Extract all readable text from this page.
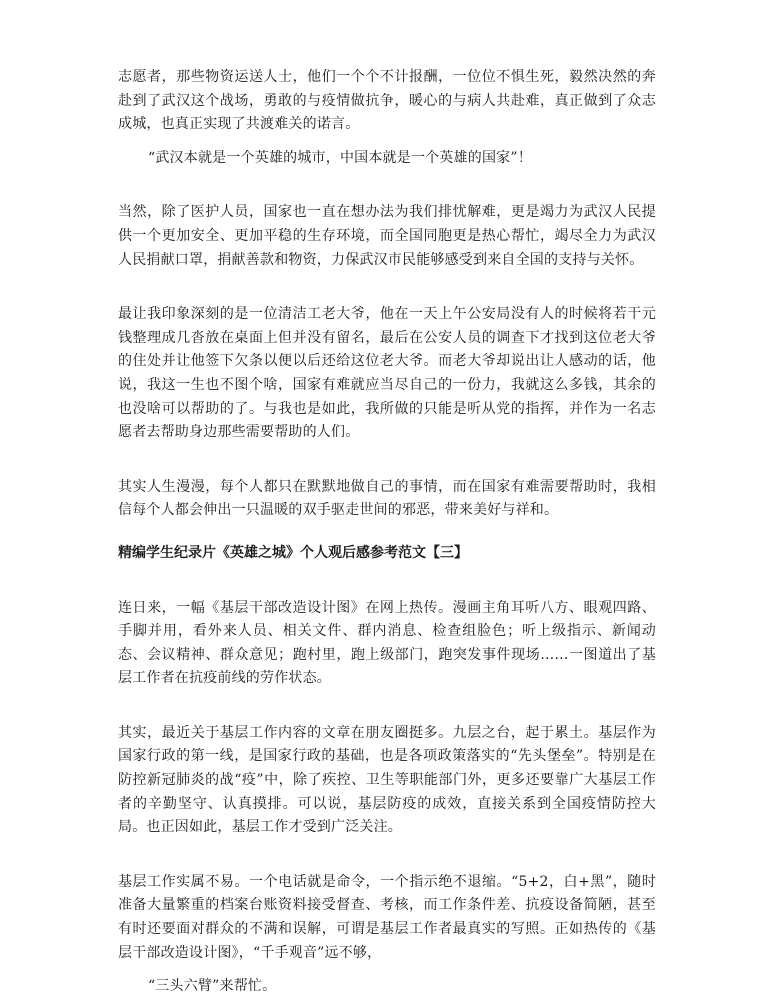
志愿者，那些物资运送人士，他们一个个不计报酬，一位位不惧生死，毅然决然的奔赴到了武汉这个战场，勇敢的与疫情做抗争，暖心的与病人共赴难，真正做到了众志成城，也真正实现了共渡难关的诺言。

“武汉本就是一个英雄的城市，中国本就是一个英雄的国家”！

当然，除了医护人员，国家也一直在想办法为我们排忧解难，更是竭力为武汉人民提供一个更加安全、更加平稳的生存环境，而全国同胞更是热心帮忙，竭尽全力为武汉人民捐献口罩，捐献善款和物资，力保武汉市民能够感受到来自全国的支持与关怀。

最让我印象深刻的是一位清洁工老大爷，他在一天上午公安局没有人的时候将若干元钱整理成几沓放在桌面上但并没有留名，最后在公安人员的调查下才找到这位老大爷的住处并让他签下欠条以便以后还给这位老大爷。而老大爷却说出让人感动的话，他说，我这一生也不图个啥，国家有难就应当尽自己的一份力，我就这么多钱，其余的也没啥可以帮助的了。与我也是如此，我所做的只能是听从党的指挥，并作为一名志愿者去帮助身边那些需要帮助的人们。

其实人生漫漫，每个人都只在默默地做自己的事情，而在国家有难需要帮助时，我相信每个人都会伸出一只温暖的双手驱走世间的邪恶，带来美好与祥和。

精编学生纪录片《英雄之城》个人观后感参考范文【三】

连日来，一幅《基层干部改造设计图》在网上热传。漫画主角耳听八方、眼观四路、手脚并用，看外来人员、相关文件、群内消息、检查组脸色；听上级指示、新闻动态、会议精神、群众意见；跑村里，跑上级部门，跑突发事件现场……一图道出了基层工作者在抗疫前线的劳作状态。

其实，最近关于基层工作内容的文章在朋友圈挺多。九层之台，起于累土。基层作为国家行政的第一线，是国家行政的基础，也是各项政策落实的“先头堡垒”。特别是在防控新冠肺炎的战“疫”中，除了疾控、卫生等职能部门外，更多还要靠广大基层工作者的辛勤坚守、认真摸排。可以说，基层防疫的成效，直接关系到全国疫情防控大局。也正因如此，基层工作才受到广泛关注。

基层工作实属不易。一个电话就是命令，一个指示绝不退缩。“5+2，白+黑”，随时准备大量繁重的档案台账资料接受督查、考核，而工作条件差、抗疫设备简陋，甚至有时还要面对群众的不满和误解，可谓是基层工作者最真实的写照。正如热传的《基层干部改造设计图》，“千手观音”远不够，

“三头六臂”来帮忙。
